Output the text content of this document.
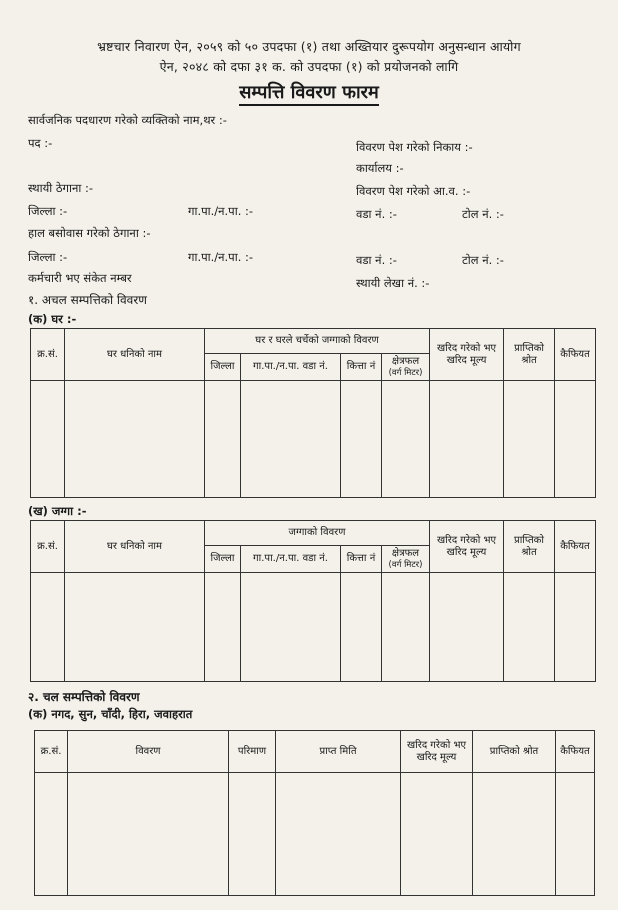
भ्रष्टचार निवारण ऐन, २०५९ को ५० उपदफा (१) तथा अख्तियार दुरूपयोग अनुसन्धान आयोग
ऐन, २०४८ को दफा ३१ क. को उपदफा (१) को प्रयोजनको लागि
सम्पत्ति विवरण फारम
सार्वजनिक पदधारण गरेको व्यक्तिको नाम,थर :-
पद :-	विवरण पेश गरेको निकाय :-
कार्यालय :-
स्थायी ठेगाना :-	विवरण पेश गरेको आ.व. :-
जिल्ला :-	गा.पा./न.पा. :-	वडा नं. :-	टोल नं. :-
हाल बसोवास गरेको ठेगाना :-
जिल्ला :-	गा.पा./न.पा. :-	वडा नं. :-	टोल नं. :-
कर्मचारी भए संकेत नम्बर	स्थायी लेखा नं. :-
१. अचल सम्पत्तिको विवरण
(क) घर :-
क्र.सं.	घर धनिको नाम	घर र घरले चर्चेको जग्गाको विवरण				खरिद गरेको भए खरिद मूल्य	प्राप्तिको श्रोत	कैफियत
		जिल्ला	गा.पा./न.पा. वडा नं.	कित्ता नं	क्षेत्रफल
(वर्ग मिटर)			

(ख) जग्गा :-
क्र.सं.	घर धनिको नाम	जग्गाको विवरण				खरिद गरेको भए खरिद मूल्य	प्राप्तिको श्रोत	कैफियत
		जिल्ला	गा.पा./न.पा. वडा नं.	कित्ता नं	क्षेत्रफल
(वर्ग मिटर)			

२. चल सम्पत्तिको विवरण
(क) नगद, सुन, चाँदी, हिरा, जवाहरात
क्र.सं.	विवरण	परिमाण	प्राप्त मिति	खरिद गरेको भए खरिद मूल्य	प्राप्तिको श्रोत	कैफियत
